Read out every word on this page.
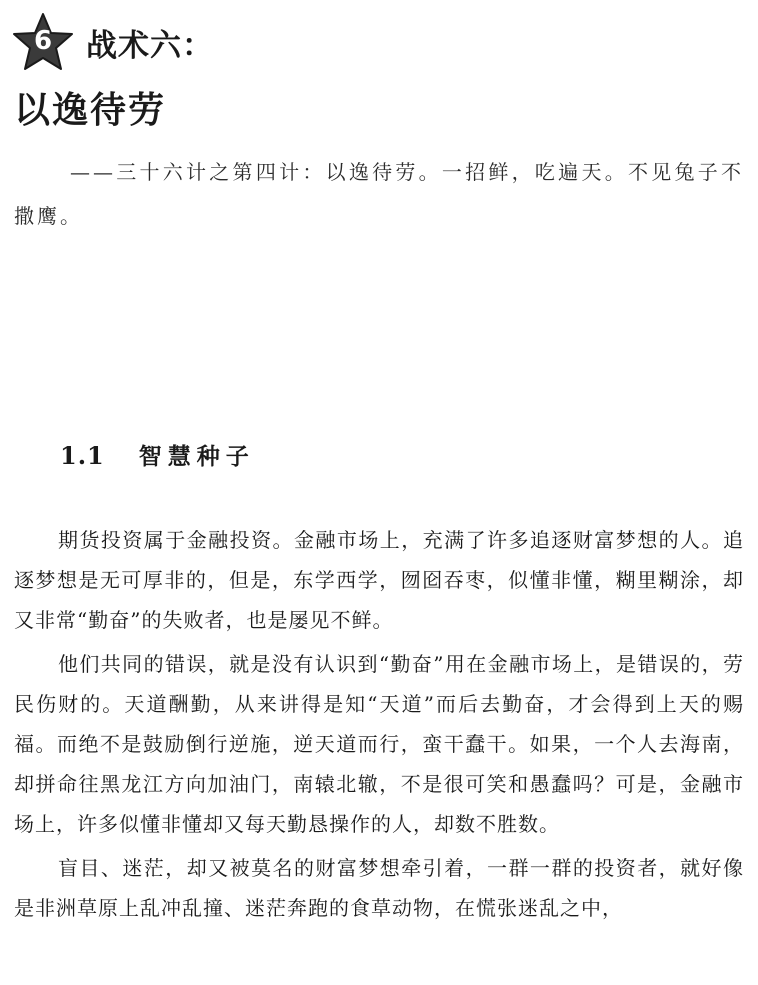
6	战术六：
以逸待劳
——三十六计之第四计：以逸待劳。一招鲜，吃遍天。不见兔子不撒鹰。
1.1 智慧种子

期货投资属于金融投资。金融市场上，充满了许多追逐财富梦想的人。追逐梦想是无可厚非的，但是，东学西学，囫囵吞枣，似懂非懂，糊里糊涂，却又非常“勤奋”的失败者，也是屡见不鲜。

他们共同的错误，就是没有认识到“勤奋”用在金融市场上，是错误的，劳民伤财的。天道酬勤，从来讲得是知“天道”而后去勤奋，才会得到上天的赐福。而绝不是鼓励倒行逆施，逆天道而行，蛮干蠢干。如果，一个人去海南，却拼命往黑龙江方向加油门，南辕北辙，不是很可笑和愚蠢吗？可是，金融市场上，许多似懂非懂却又每天勤恳操作的人，却数不胜数。

盲目、迷茫，却又被莫名的财富梦想牵引着，一群一群的投资者，就好像是非洲草原上乱冲乱撞、迷茫奔跑的食草动物，在慌张迷乱之中，
